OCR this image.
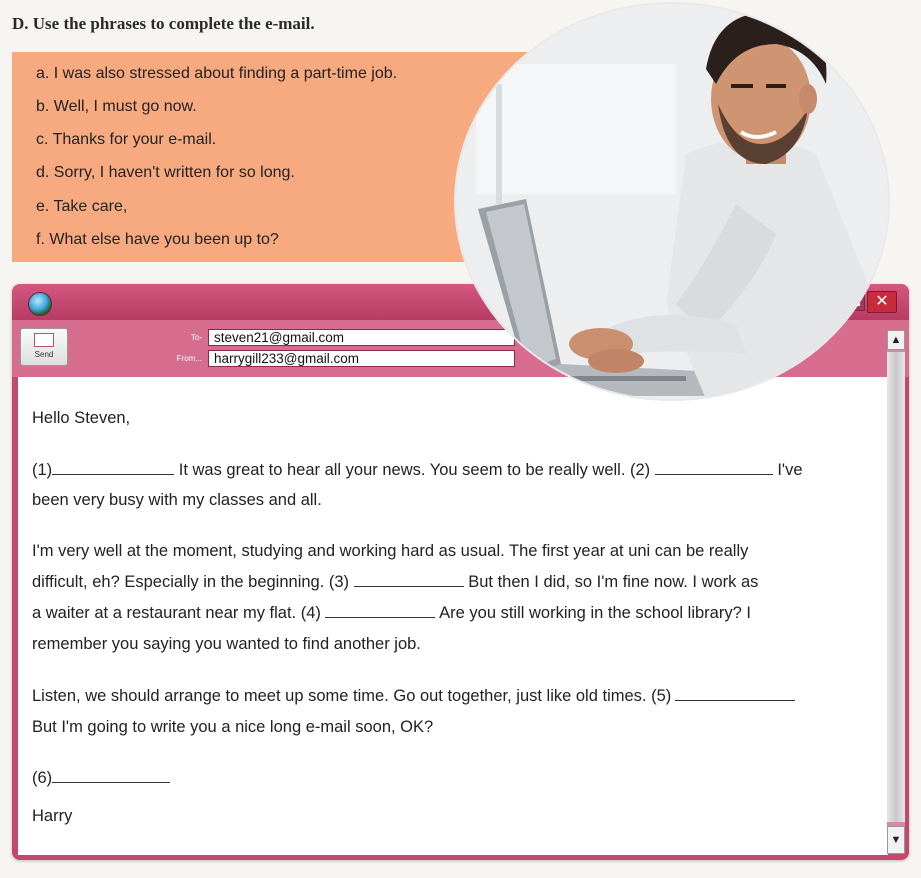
D. Use the phrases to complete the e-mail.
a. I was also stressed about finding a part-time job.
b. Well, I must go now.
c. Thanks for your e-mail.
d. Sorry, I haven't written for so long.
e. Take care,
f. What else have you been up to?
✕
Send
To- steven21@gmail.com
From... harrygill233@gmail.com
Hello Steven,
(1)	It was great to hear all your news. You seem to be really well. (2)	I've
been very busy with my classes and all.
I'm very well at the moment, studying and working hard as usual. The first year at uni can be really
difficult, eh? Especially in the beginning. (3)	But then I did, so I'm fine now. I work as
a waiter at a restaurant near my flat. (4)	Are you still working in the school library? I
remember you saying you wanted to find another job.
Listen, we should arrange to meet up some time. Go out together, just like old times. (5)
But I'm going to write you a nice long e-mail soon, OK?
(6)
Harry
▲
▼
